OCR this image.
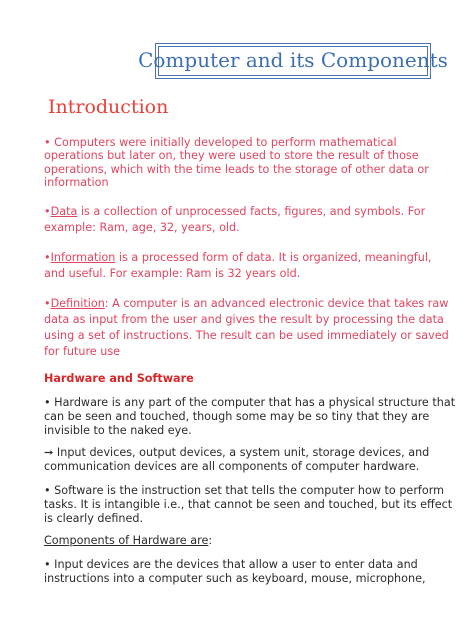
Computer and its Components
Introduction
• Computers were initially developed to perform mathematical operations but later on, they were used to store the result of those operations, which with the time leads to the storage of other data or information
•Data is a collection of unprocessed facts, figures, and symbols. For example: Ram, age, 32, years, old.
•Information is a processed form of data. It is organized, meaningful, and useful. For example: Ram is 32 years old.
•Definition: A computer is an advanced electronic device that takes raw data as input from the user and gives the result by processing the data using a set of instructions. The result can be used immediately or saved for future use
Hardware and Software
• Hardware is any part of the computer that has a physical structure that can be seen and touched, though some may be so tiny that they are invisible to the naked eye.
➞ Input devices, output devices, a system unit, storage devices, and communication devices are all components of computer hardware.
• Software is the instruction set that tells the computer how to perform tasks. It is intangible i.e., that cannot be seen and touched, but its effect is clearly defined.
Components of Hardware are:
• Input devices are the devices that allow a user to enter data and instructions into a computer such as keyboard, mouse, microphone,
